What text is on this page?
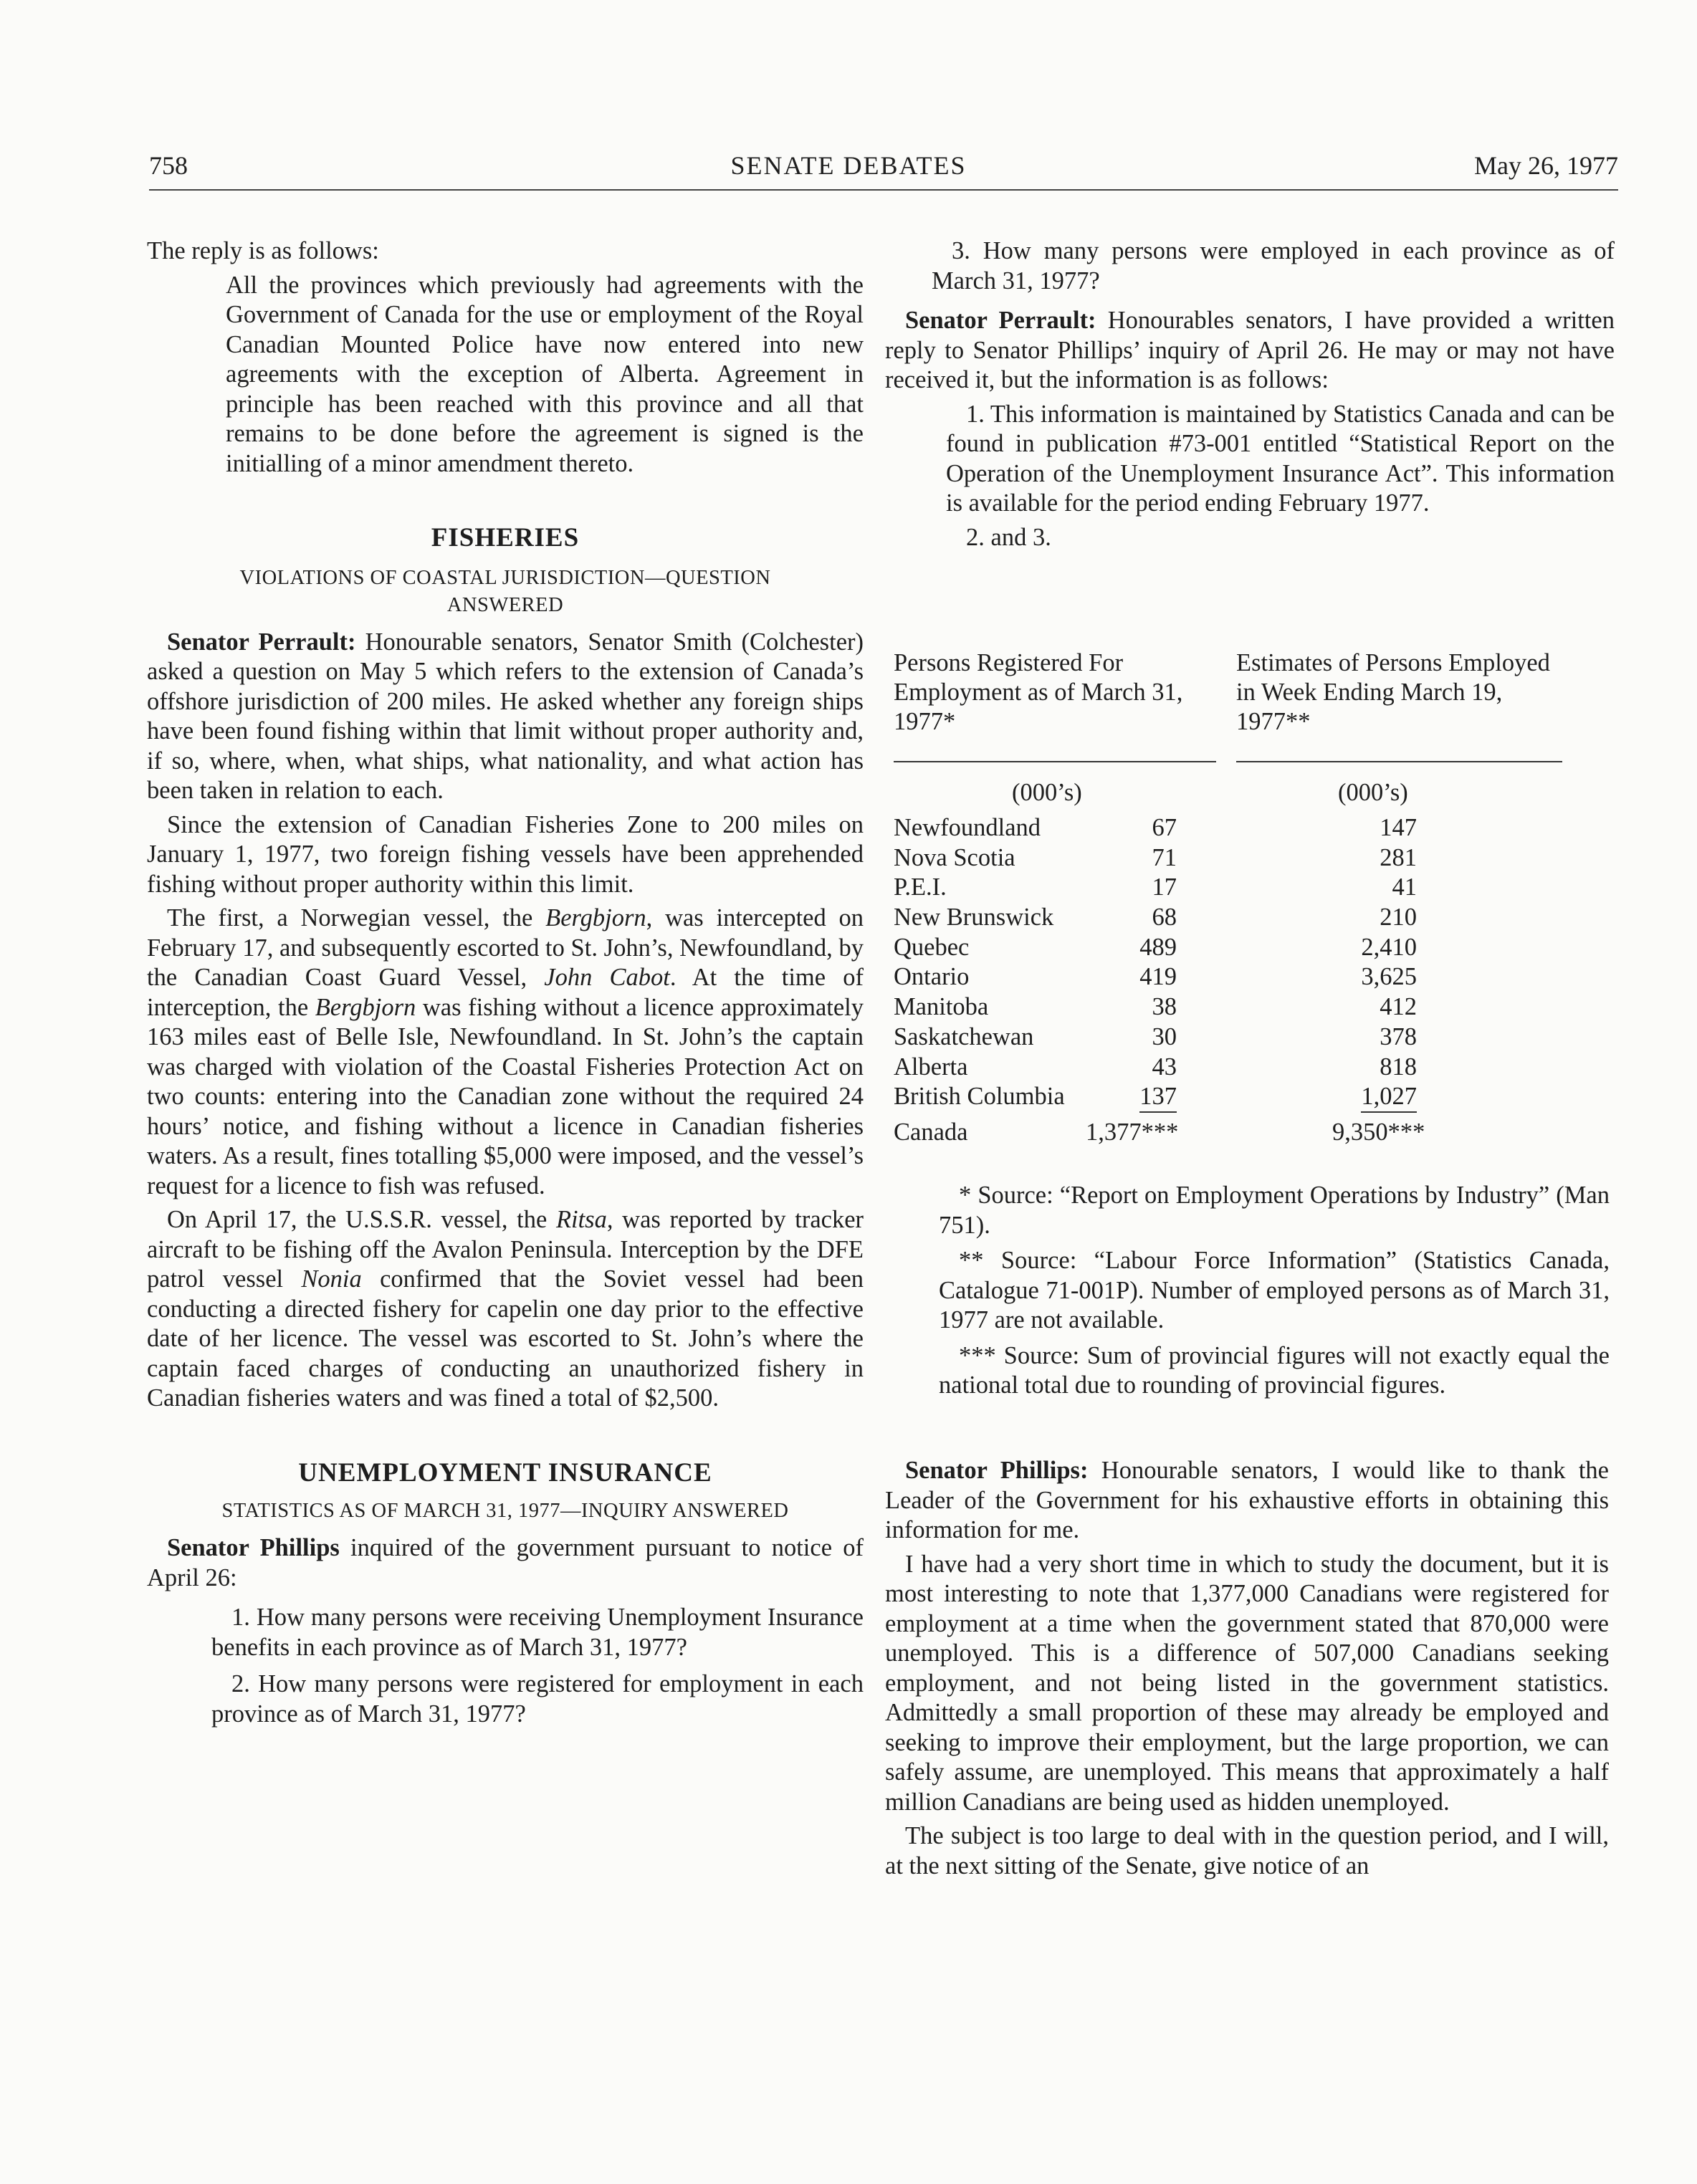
758	SENATE DEBATES	May 26, 1977

The reply is as follows:

All the provinces which previously had agreements with the Government of Canada for the use or employment of the Royal Canadian Mounted Police have now entered into new agreements with the exception of Alberta. Agreement in principle has been reached with this province and all that remains to be done before the agreement is signed is the initialling of a minor amendment thereto.

FISHERIES

VIOLATIONS OF COASTAL JURISDICTION—QUESTION ANSWERED

Senator Perrault: Honourable senators, Senator Smith (Colchester) asked a question on May 5 which refers to the extension of Canada’s offshore jurisdiction of 200 miles. He asked whether any foreign ships have been found fishing within that limit without proper authority and, if so, where, when, what ships, what nationality, and what action has been taken in relation to each.

Since the extension of Canadian Fisheries Zone to 200 miles on January 1, 1977, two foreign fishing vessels have been apprehended fishing without proper authority within this limit.

The first, a Norwegian vessel, the Bergbjorn, was intercepted on February 17, and subsequently escorted to St. John’s, Newfoundland, by the Canadian Coast Guard Vessel, John Cabot. At the time of interception, the Bergbjorn was fishing without a licence approximately 163 miles east of Belle Isle, Newfoundland. In St. John’s the captain was charged with violation of the Coastal Fisheries Protection Act on two counts: entering into the Canadian zone without the required 24 hours’ notice, and fishing without a licence in Canadian fisheries waters. As a result, fines totalling $5,000 were imposed, and the vessel’s request for a licence to fish was refused.

On April 17, the U.S.S.R. vessel, the Ritsa, was reported by tracker aircraft to be fishing off the Avalon Peninsula. Interception by the DFE patrol vessel Nonia confirmed that the Soviet vessel had been conducting a directed fishery for capelin one day prior to the effective date of her licence. The vessel was escorted to St. John’s where the captain faced charges of conducting an unauthorized fishery in Canadian fisheries waters and was fined a total of $2,500.

UNEMPLOYMENT INSURANCE

STATISTICS AS OF MARCH 31, 1977—INQUIRY ANSWERED

Senator Phillips inquired of the government pursuant to notice of April 26:

1. How many persons were receiving Unemployment Insurance benefits in each province as of March 31, 1977?

2. How many persons were registered for employment in each province as of March 31, 1977?

3. How many persons were employed in each province as of March 31, 1977?

Senator Perrault: Honourables senators, I have provided a written reply to Senator Phillips’ inquiry of April 26. He may or may not have received it, but the information is as follows:

1. This information is maintained by Statistics Canada and can be found in publication #73-001 entitled “Statistical Report on the Operation of the Unemployment Insurance Act”. This information is available for the period ending February 1977.

2. and 3.

Persons Registered For Employment as of March 31, 1977*
Estimates of Persons Employed in Week Ending March 19, 1977**
(000’s)	(000’s)
Newfoundland	67	147
Nova Scotia	71	281
P.E.I.	17	41
New Brunswick	68	210
Quebec	489	2,410
Ontario	419	3,625
Manitoba	38	412
Saskatchewan	30	378
Alberta	43	818
British Columbia	137	1,027
Canada	1,377***	9,350***

* Source: “Report on Employment Operations by Industry” (Man 751).

** Source: “Labour Force Information” (Statistics Canada, Catalogue 71-001P). Number of employed persons as of March 31, 1977 are not available.

*** Source: Sum of provincial figures will not exactly equal the national total due to rounding of provincial figures.

Senator Phillips: Honourable senators, I would like to thank the Leader of the Government for his exhaustive efforts in obtaining this information for me.

I have had a very short time in which to study the document, but it is most interesting to note that 1,377,000 Canadians were registered for employment at a time when the government stated that 870,000 were unemployed. This is a difference of 507,000 Canadians seeking employment, and not being listed in the government statistics. Admittedly a small proportion of these may already be employed and seeking to improve their employment, but the large proportion, we can safely assume, are unemployed. This means that approximately a half million Canadians are being used as hidden unemployed.

The subject is too large to deal with in the question period, and I will, at the next sitting of the Senate, give notice of an
